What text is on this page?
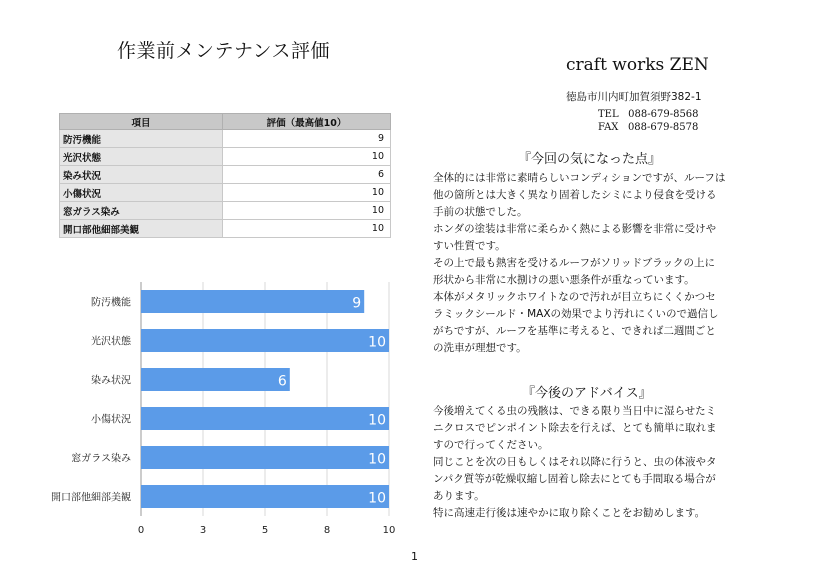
作業前メンテナンス評価
craft works ZEN
徳島市川内町加賀須野382-1
TEL   088-679-8568
FAX   088-679-8578
項目	評価（最高値10）
防汚機能	9
光沢状態	10
染み状況	6
小傷状況	10
窓ガラス染み	10
開口部他細部美観	10
防汚機能	9
光沢状態	10
染み状況	6
小傷状況	10
窓ガラス染み	10
開口部他細部美観	10
0	3	5	8	10
『今回の気になった点』
全体的には非常に素晴らしいコンディションですが、ルーフは
他の箇所とは大きく異なり固着したシミにより侵食を受ける
手前の状態でした。
ホンダの塗装は非常に柔らかく熱による影響を非常に受けや
すい性質です。
その上で最も熱害を受けるルーフがソリッドブラックの上に
形状から非常に水捌けの悪い悪条件が重なっています。
本体がメタリックホワイトなので汚れが目立ちにくくかつセ
ラミックシールド・MAXの効果でより汚れにくいので過信し
がちですが、ルーフを基準に考えると、できれば二週間ごと
の洗車が理想です。
『今後のアドバイス』
今後増えてくる虫の残骸は、できる限り当日中に湿らせたミ
ニクロスでピンポイント除去を行えば、とても簡単に取れま
すので行ってください。
同じことを次の日もしくはそれ以降に行うと、虫の体液やタ
ンパク質等が乾燥収縮し固着し除去にとても手間取る場合が
あります。
特に高速走行後は速やかに取り除くことをお勧めします。
1
